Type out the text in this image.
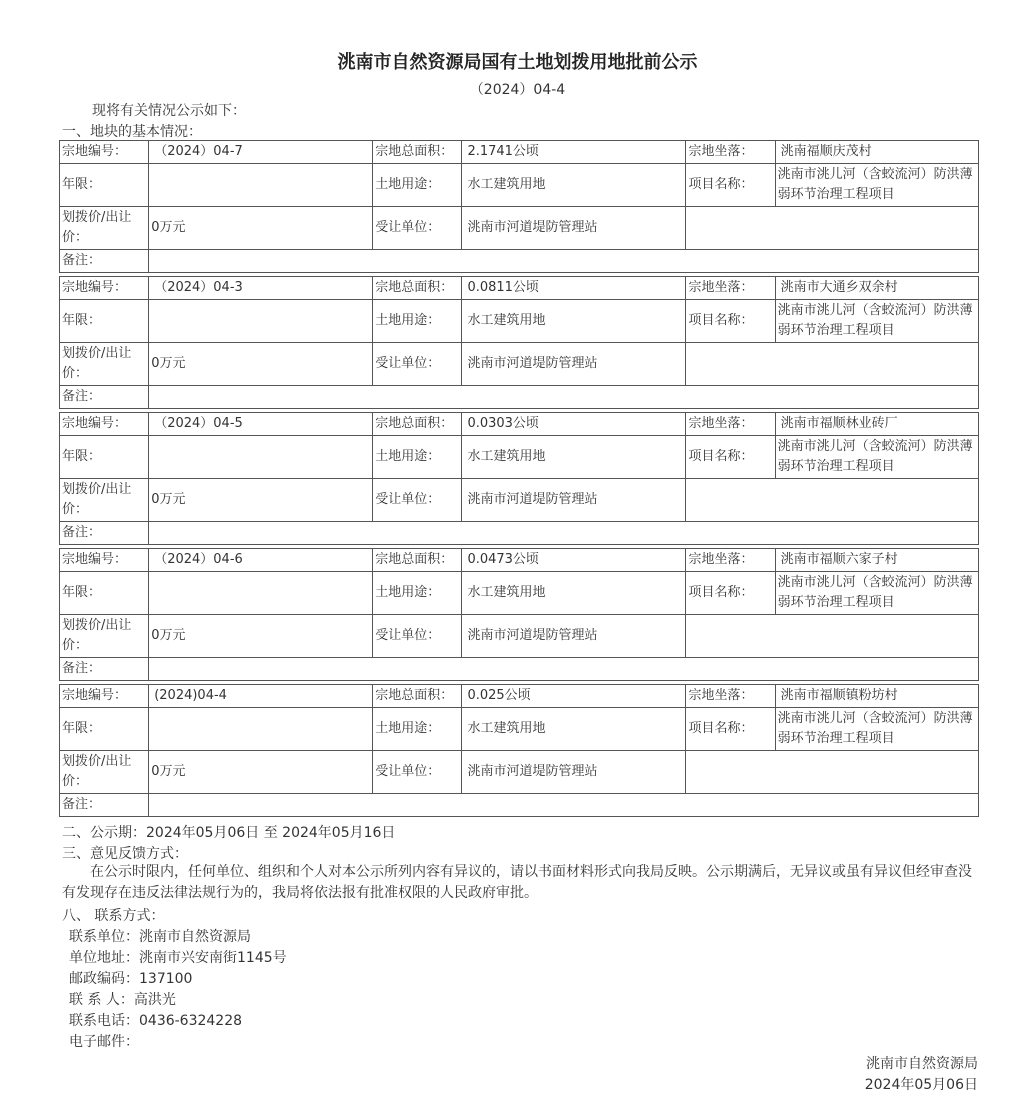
洮南市自然资源局国有土地划拨用地批前公示
（2024）04-4
现将有关情况公示如下：
一、地块的基本情况：
宗地编号：	（2024）04-7	宗地总面积：	2.1741公顷	宗地坐落：	洮南福顺庆茂村
年限：		土地用途：	水工建筑用地	项目名称：	洮南市洮儿河（含蛟流河）防洪薄弱环节治理工程项目
划拨价/出让价：	0万元	受让单位：	洮南市河道堤防管理站		
备注：					
宗地编号：	（2024）04-3	宗地总面积：	0.0811公顷	宗地坐落：	洮南市大通乡双余村
年限：		土地用途：	水工建筑用地	项目名称：	洮南市洮儿河（含蛟流河）防洪薄弱环节治理工程项目
划拨价/出让价：	0万元	受让单位：	洮南市河道堤防管理站		
备注：					
宗地编号：	（2024）04-5	宗地总面积：	0.0303公顷	宗地坐落：	洮南市福顺林业砖厂
年限：		土地用途：	水工建筑用地	项目名称：	洮南市洮儿河（含蛟流河）防洪薄弱环节治理工程项目
划拨价/出让价：	0万元	受让单位：	洮南市河道堤防管理站		
备注：					
宗地编号：	（2024）04-6	宗地总面积：	0.0473公顷	宗地坐落：	洮南市福顺六家子村
年限：		土地用途：	水工建筑用地	项目名称：	洮南市洮儿河（含蛟流河）防洪薄弱环节治理工程项目
划拨价/出让价：	0万元	受让单位：	洮南市河道堤防管理站		
备注：					
宗地编号：	(2024)04-4	宗地总面积：	0.025公顷	宗地坐落：	洮南市福顺镇粉坊村
年限：		土地用途：	水工建筑用地	项目名称：	洮南市洮儿河（含蛟流河）防洪薄弱环节治理工程项目
划拨价/出让价：	0万元	受让单位：	洮南市河道堤防管理站		
备注：					
二、公示期：2024年05月06日 至 2024年05月16日
三、意见反馈方式：
在公示时限内，任何单位、组织和个人对本公示所列内容有异议的，请以书面材料形式向我局反映。公示期满后，无异议或虽有异议但经审查没有发现存在违反法律法规行为的，我局将依法报有批准权限的人民政府审批。
八、 联系方式：
联系单位：洮南市自然资源局
单位地址：洮南市兴安南街1145号
邮政编码：137100
联 系 人：高洪光
联系电话：0436-6324228
电子邮件：
洮南市自然资源局
2024年05月06日
